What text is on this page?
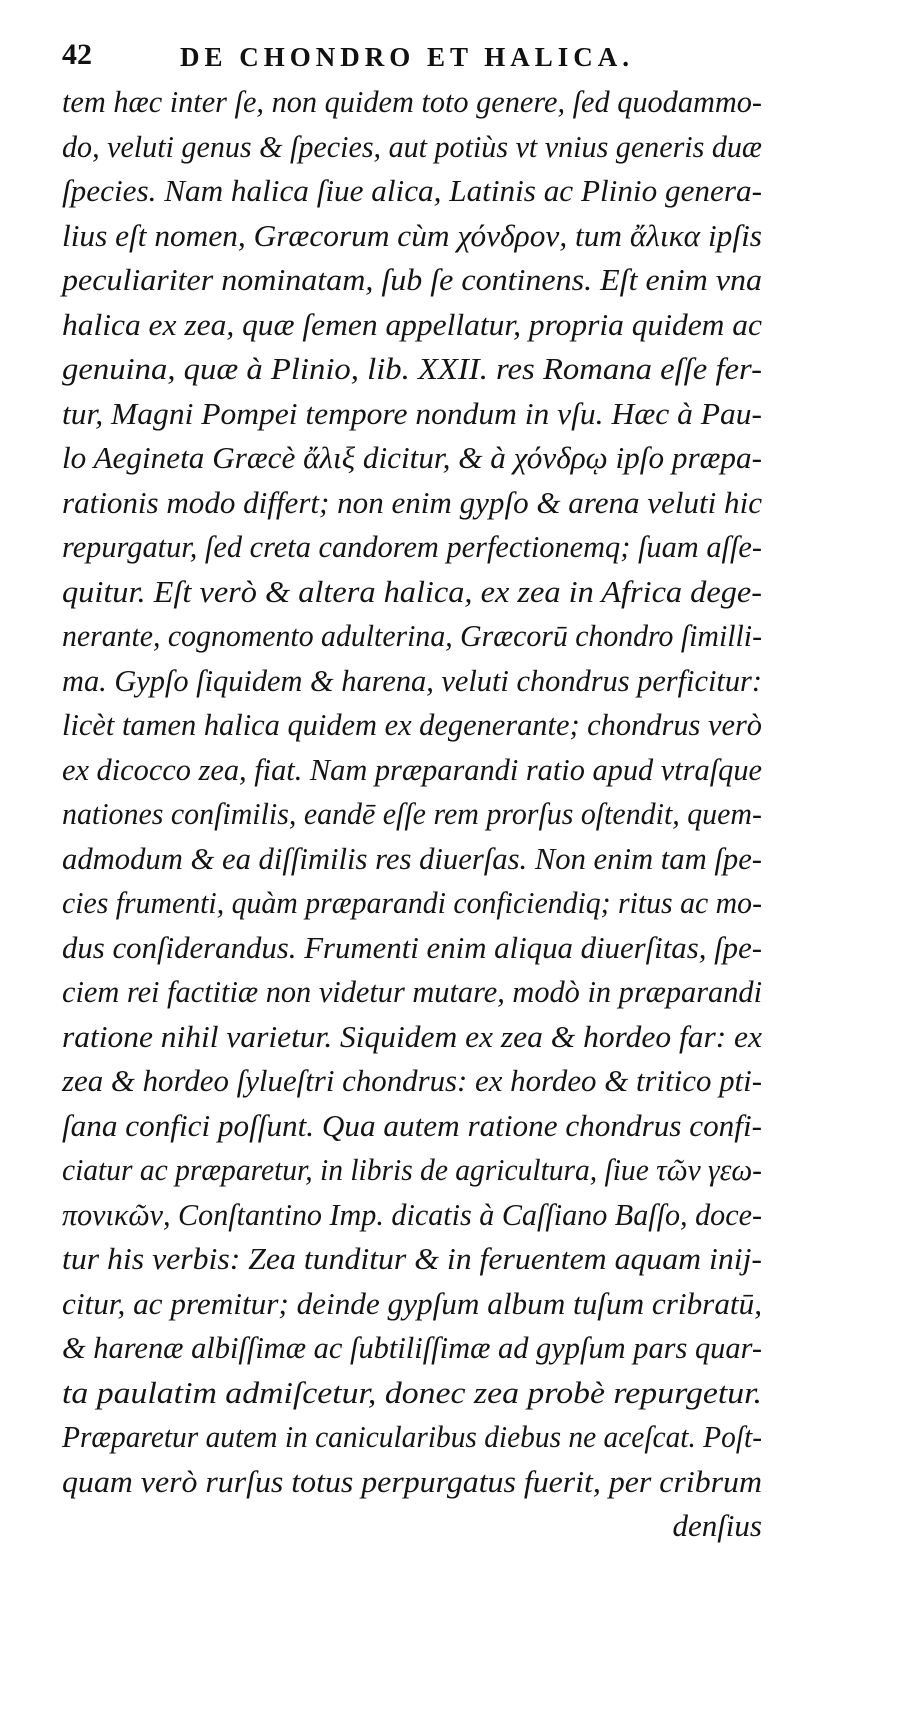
42	DE CHONDRO ET HALICA.
tem hæc inter ſe, non quidem toto genere, ſed quodammo-
do, veluti genus & ſpecies, aut potiùs vt vnius generis duæ
ſpecies. Nam halica ſiue alica, Latinis ac Plinio genera-
lius eſt nomen, Græcorum cùm χόνδρον, tum ἄλικα ipſis
peculiariter nominatam, ſub ſe continens. Eſt enim vna
halica ex zea, quæ ſemen appellatur, propria quidem ac
genuina, quæ à Plinio, lib. XXII. res Romana eſſe fer-
tur, Magni Pompei tempore nondum in vſu. Hæc à Pau-
lo Aegineta Græcè ἄλιξ dicitur, & à χόνδρῳ ipſo præpa-
rationis modo differt; non enim gypſo & arena veluti hic
repurgatur, ſed creta candorem perfectionemq; ſuam aſſe-
quitur. Eſt verò & altera halica, ex zea in Africa dege-
nerante, cognomento adulterina, Græcorū chondro ſimilli-
ma. Gypſo ſiquidem & harena, veluti chondrus perficitur:
licèt tamen halica quidem ex degenerante; chondrus verò
ex dicocco zea, fiat. Nam præparandi ratio apud vtraſque
nationes conſimilis, eandē eſſe rem prorſus oſtendit, quem-
admodum & ea diſſimilis res diuerſas. Non enim tam ſpe-
cies frumenti, quàm præparandi conficiendiq; ritus ac mo-
dus conſiderandus. Frumenti enim aliqua diuerſitas, ſpe-
ciem rei factitiæ non videtur mutare, modò in præparandi
ratione nihil varietur. Siquidem ex zea & hordeo far: ex
zea & hordeo ſylueſtri chondrus: ex hordeo & tritico pti-
ſana confici poſſunt. Qua autem ratione chondrus confi-
ciatur ac præparetur, in libris de agricultura, ſiue τῶν γεω-
πονικῶν, Conſtantino Imp. dicatis à Caſſiano Baſſo, doce-
tur his verbis: Zea tunditur & in feruentem aquam inij-
citur, ac premitur; deinde gypſum album tuſum cribratū,
& harenæ albiſſimæ ac ſubtiliſſimæ ad gypſum pars quar-
ta paulatim admiſcetur, donec zea probè repurgetur.
Præparetur autem in canicularibus diebus ne aceſcat. Poſt-
quam verò rurſus totus perpurgatus fuerit, per cribrum
denſius
